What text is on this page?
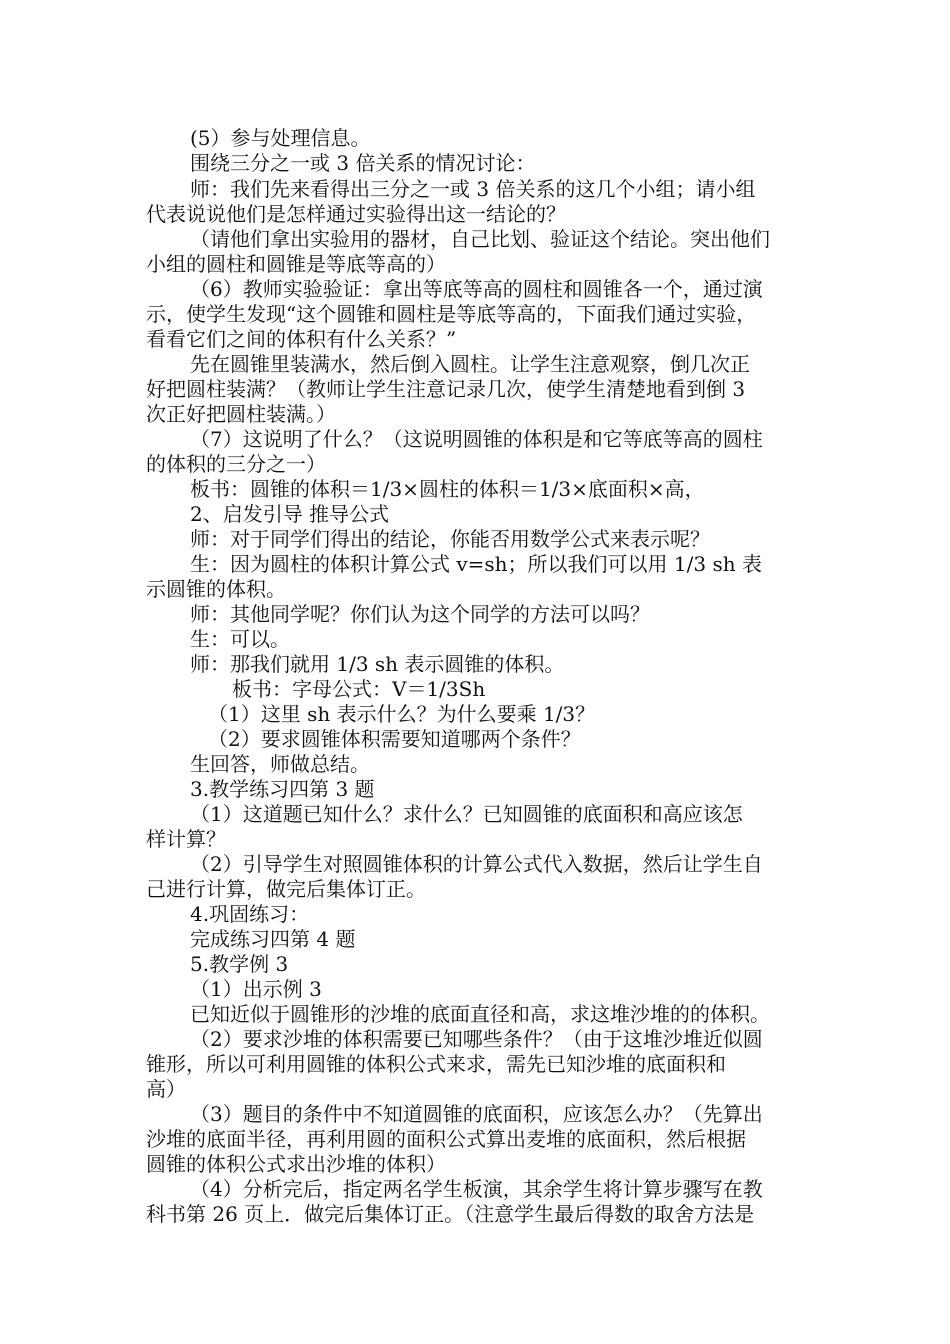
(5）参与处理信息。
围绕三分之一或 3 倍关系的情况讨论：
师：我们先来看得出三分之一或 3 倍关系的这几个小组；请小组
代表说说他们是怎样通过实验得出这一结论的？
（请他们拿出实验用的器材，自己比划、验证这个结论。突出他们
小组的圆柱和圆锥是等底等高的）
（6）教师实验验证：拿出等底等高的圆柱和圆锥各一个，通过演
示，使学生发现“这个圆锥和圆柱是等底等高的，下面我们通过实验，
看看它们之间的体积有什么关系？”
先在圆锥里装满水，然后倒入圆柱。让学生注意观察，倒几次正
好把圆柱装满？（教师让学生注意记录几次，使学生清楚地看到倒 3
次正好把圆柱装满。）
（7）这说明了什么？（这说明圆锥的体积是和它等底等高的圆柱
的体积的三分之一）
板书：圆锥的体积＝1/3×圆柱的体积＝1/3×底面积×高，
2、启发引导 推导公式
师：对于同学们得出的结论，你能否用数学公式来表示呢？
生：因为圆柱的体积计算公式 v=sh；所以我们可以用 1/3 sh 表
示圆锥的体积。
师：其他同学呢？你们认为这个同学的方法可以吗？
生：可以。
师：那我们就用 1/3 sh 表示圆锥的体积。
板书：字母公式：V＝1/3Sh
（1）这里 sh 表示什么？为什么要乘 1/3？
（2）要求圆锥体积需要知道哪两个条件？
生回答，师做总结。
3.教学练习四第 3 题
（1）这道题已知什么？求什么？已知圆锥的底面积和高应该怎
样计算？
（2）引导学生对照圆锥体积的计算公式代入数据，然后让学生自
己进行计算，做完后集体订正。
4.巩固练习：
完成练习四第 4 题
5.教学例 3
（1）出示例 3
已知近似于圆锥形的沙堆的底面直径和高，求这堆沙堆的的体积。
（2）要求沙堆的体积需要已知哪些条件？（由于这堆沙堆近似圆
锥形，所以可利用圆锥的体积公式来求，需先已知沙堆的底面积和
高）
（3）题目的条件中不知道圆锥的底面积，应该怎么办？（先算出
沙堆的底面半径，再利用圆的面积公式算出麦堆的底面积，然后根据
圆锥的体积公式求出沙堆的体积）
（4）分析完后，指定两名学生板演，其余学生将计算步骤写在教
科书第 26 页上．做完后集体订正。（注意学生最后得数的取舍方法是
